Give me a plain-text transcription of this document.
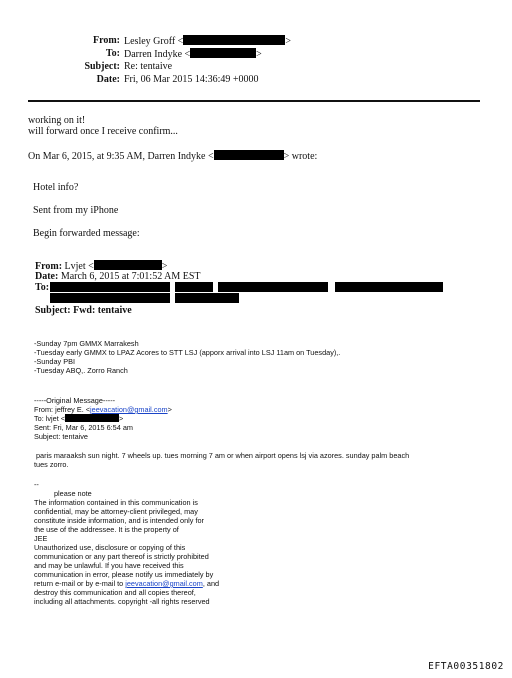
From: Lesley Groff <	>
To: Darren Indyke <	>
Subject: Re: tentaive
Date: Fri, 06 Mar 2015 14:36:49 +0000
working on it!
will forward once I receive confirm...
On Mar 6, 2015, at 9:35 AM, Darren Indyke <	> wrote:
Hotel info?
Sent from my iPhone
Begin forwarded message:
From: Lvjet <	>
Date: March 6, 2015 at 7:01:52 AM EST
To:
Subject: Fwd: tentaive
-Sunday 7pm GMMX Marrakesh
-Tuesday early GMMX to LPAZ Acores to STT LSJ (apporx arrival into LSJ 11am on Tuesday),.
-Sunday PBI
-Tuesday ABQ,. Zorro Ranch
-----Original Message-----
From: jeffrey E. <jeevacation@gmail.com>
To: lvjet <	>
Sent: Fri, Mar 6, 2015 6:54 am
Subject: tentaive
paris maraaksh sun night. 7 wheels up. tues morning 7 am or when airport opens lsj via azores. sunday palm beach
tues zorro.
--
please note
The information contained in this communication is
confidential, may be attorney-client privileged, may
constitute inside information, and is intended only for
the use of the addressee. It is the property of
JEE
Unauthorized use, disclosure or copying of this
communication or any part thereof is strictly prohibited
and may be unlawful. If you have received this
communication in error, please notify us immediately by
return e-mail or by e-mail to jeevacation@gmail.com, and
destroy this communication and all copies thereof,
including all attachments. copyright -all rights reserved
EFTA00351802
